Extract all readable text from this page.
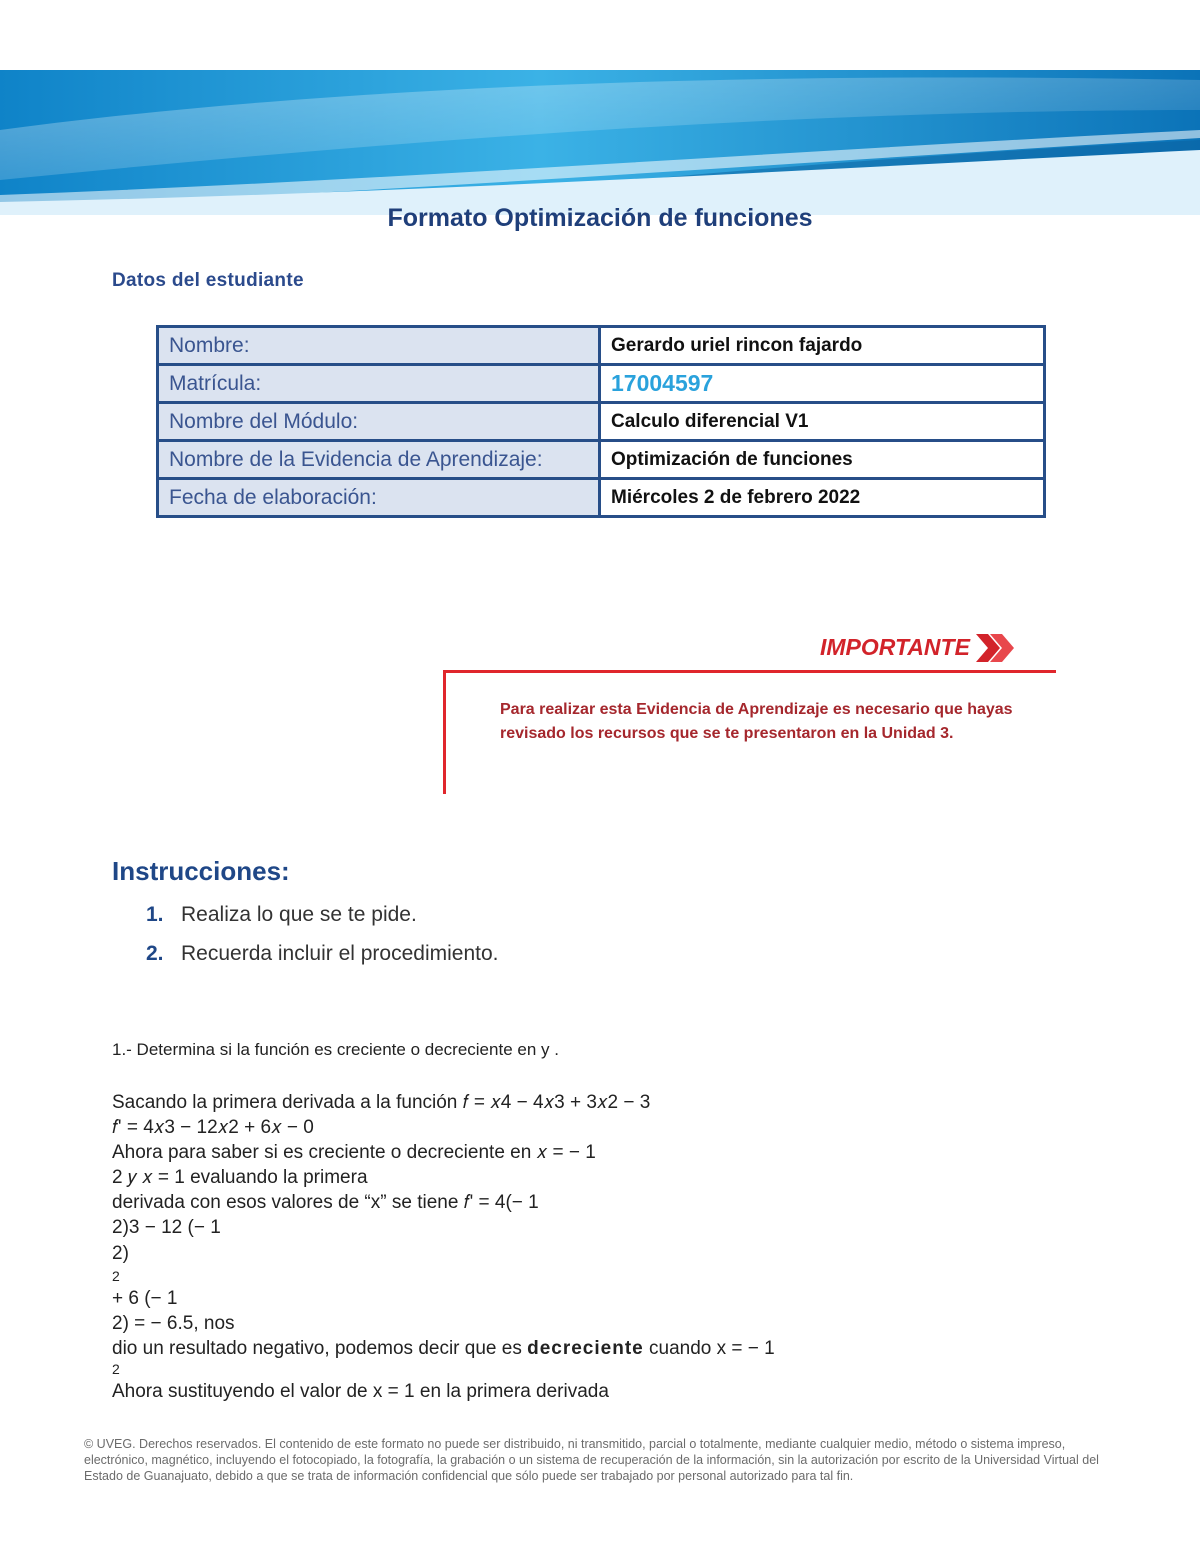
Formato Optimización de funciones
Datos del estudiante
Nombre:	Gerardo uriel rincon fajardo
Matrícula:	17004597
Nombre del Módulo:	Calculo diferencial V1
Nombre de la Evidencia de Aprendizaje:	Optimización de funciones
Fecha de elaboración:	Miércoles 2 de febrero 2022
IMPORTANTE
Para realizar esta Evidencia de Aprendizaje es necesario que hayas revisado los recursos que se te presentaron en la Unidad 3.
Instrucciones:
1. Realiza lo que se te pide.
2. Recuerda incluir el procedimiento.
1.- Determina si la función es creciente o decreciente en y .
Sacando la primera derivada a la función 𝑓 = 𝑥4 − 4𝑥3 + 3𝑥2 − 3
𝑓' = 4𝑥3 − 12𝑥2 + 6𝑥 − 0
Ahora para saber si es creciente o decreciente en 𝑥 = − 1
2 𝑦 𝑥 = 1 evaluando la primera
derivada con esos valores de “x” se tiene 𝑓' = 4(− 1
2)3 − 12 (− 1
2)
2
+ 6 (− 1
2) = − 6.5, nos
dio un resultado negativo, podemos decir que es decreciente cuando x = − 1
2
Ahora sustituyendo el valor de x = 1 en la primera derivada
© UVEG. Derechos reservados. El contenido de este formato no puede ser distribuido, ni transmitido, parcial o totalmente, mediante cualquier medio, método o sistema impreso, electrónico, magnético, incluyendo el fotocopiado, la fotografía, la grabación o un sistema de recuperación de la información, sin la autorización por escrito de la Universidad Virtual del Estado de Guanajuato, debido a que se trata de información confidencial que sólo puede ser trabajado por personal autorizado para tal fin.
